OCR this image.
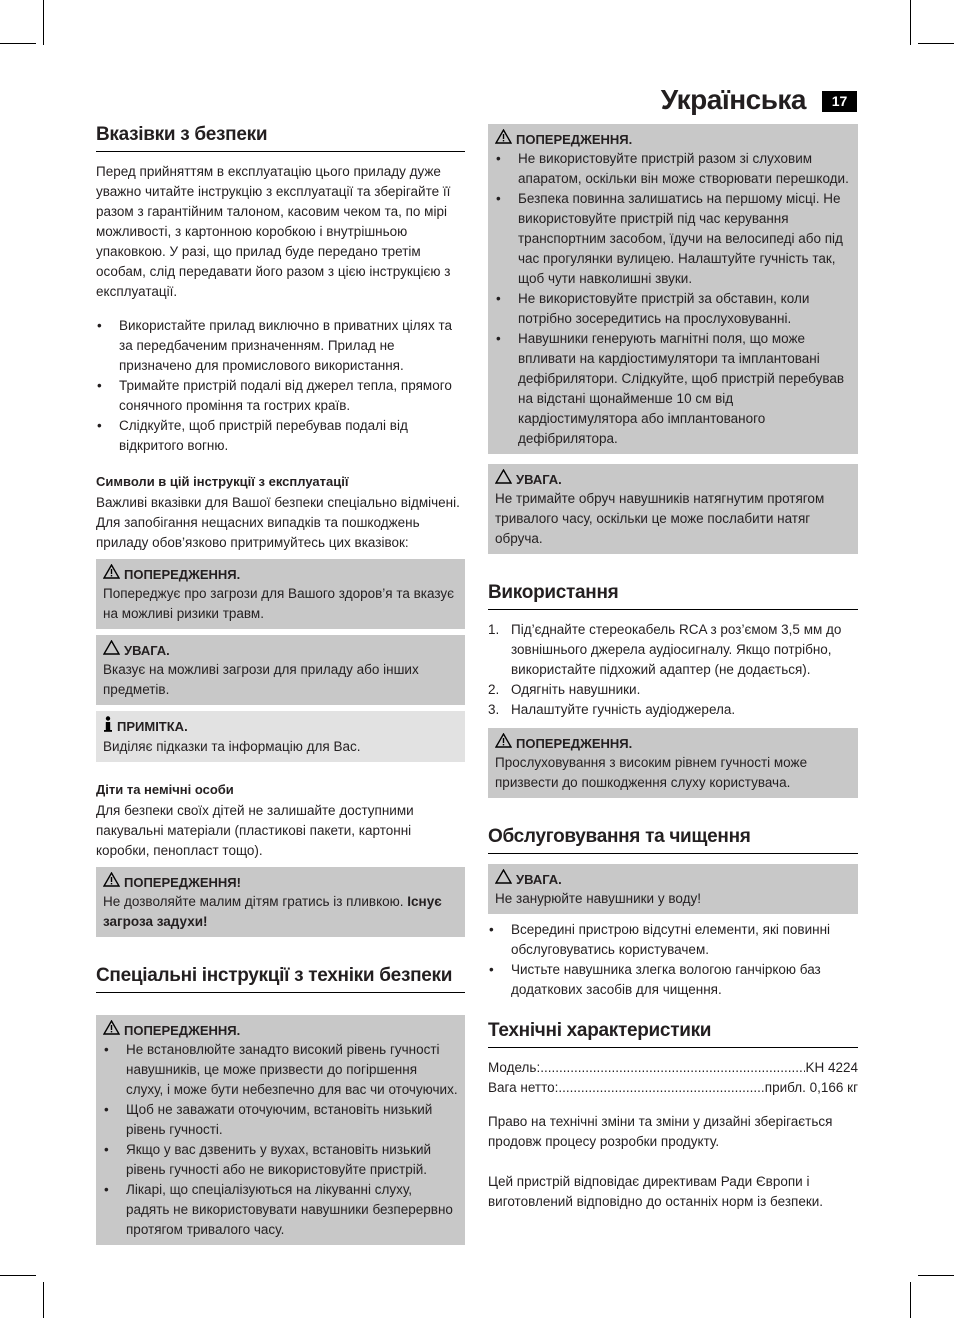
Українська	17
Вказівки з безпеки

Перед прийняттям в експлуатацію цього приладу дуже уважно читайте інструкцію з експлуатації та зберігайте її разом з гарантійним талоном, касовим чеком та, по мірі можливості, з картонною коробкою і внутрішньою упаковкою. У разі, що прилад буде передано третім особам, слід передавати його разом з цією інструкцією з експлуатації.

• Використайте прилад виключно в приватних цілях та за передбаченим призначенням. Прилад не призначено для промислового використання.
• Тримайте пристрій подалі від джерел тепла, прямого сонячного проміння та гострих країв.
• Слідкуйте, щоб пристрій перебував подалі від відкритого вогню.
Символи в цій інструкції з експлуатації

Важливі вказівки для Вашої безпеки спеціально відмічені. Для запобігання нещасних випадків та пошкоджень приладу обов’язково притримуйтесь цих вказівок:

ПОПЕРЕДЖЕННЯ.

Попереджує про загрози для Вашого здоров’я та вказує на можливі ризики травм.

УВАГА.

Вказує на можливі загрози для приладу або інших предметів.

ПРИМІТКА.

Виділяє підказки та інформацію для Вас.

Діти та немічні особи

Для безпеки своїх дітей не залишайте доступними пакувальні матеріали (пластикові пакети, картонні коробки, пенопласт тощо).

ПОПЕРЕДЖЕННЯ!

Не дозволяйте малим дітям гратись із пливкою. Існує загроза задухи!

Спеціальні інструкції з техніки безпеки
ПОПЕРЕДЖЕННЯ.
• Не встановлюйте занадто високий рівень гучності навушників, це може призвести до погіршення слуху, і може бути небезпечно для вас чи оточуючих.
• Щоб не заважати оточуючим, встановіть низький рівень гучності.
• Якщо у вас дзвенить у вухах, встановіть низький рівень гучності або не використовуйте пристрій.
• Лікарі, що спеціалізуються на лікуванні слуху, радять не використовувати навушники безперервно протягом тривалого часу.
ПОПЕРЕДЖЕННЯ.
• Не використовуйте пристрій разом зі слуховим апаратом, оскільки він може створювати перешкоди.
• Безпека повинна залишатись на першому місці. Не використовуйте пристрій під час керування транспортним засобом, їдучи на велосипеді або під час прогулянки вулицею. Налаштуйте гучність так, щоб чути навколишні звуки.
• Не використовуйте пристрій за обставин, коли потрібно зосередитись на прослуховуванні.
• Навушники генерують магнітні поля, що може впливати на кардіостимулятори та імплантовані дефібрилятори. Слідкуйте, щоб пристрій перебував на відстані щонайменше 10 см від кардіостимулятора або імплантованого дефібрилятора.
УВАГА.

Не тримайте обруч навушників натягнутим протягом тривалого часу, оскільки це може послабити натяг обруча.

Використання
1. Під’єднайте стереокабель RCA з роз’ємом 3,5 мм до зовнішнього джерела аудіосигналу. Якщо потрібно, використайте підхожий адаптер (не додається).
2. Одягніть навушники.
3. Налаштуйте гучність аудіоджерела.
ПОПЕРЕДЖЕННЯ.

Прослуховування з високим рівнем гучності може призвести до пошкодження слуху користувача.

Обслуговування та чищення
УВАГА.

Не занурюйте навушники у воду!

• Всередині пристрою відсутні елементи, які повинні обслуговуватись користувачем.
• Чистьте навушника злегка вологою ганчіркою баз додаткових засобів для чищення.
Технічні характеристики
Модель: .....	KH 4224
Вага нетто: .....	прибл. 0,166 кг

Право на технічні зміни та зміни у дизайні зберігається продовж процесу розробки продукту.

Цей пристрій відповідає директивам Ради Європи і виготовлений відповідно до останніх норм із безпеки.
